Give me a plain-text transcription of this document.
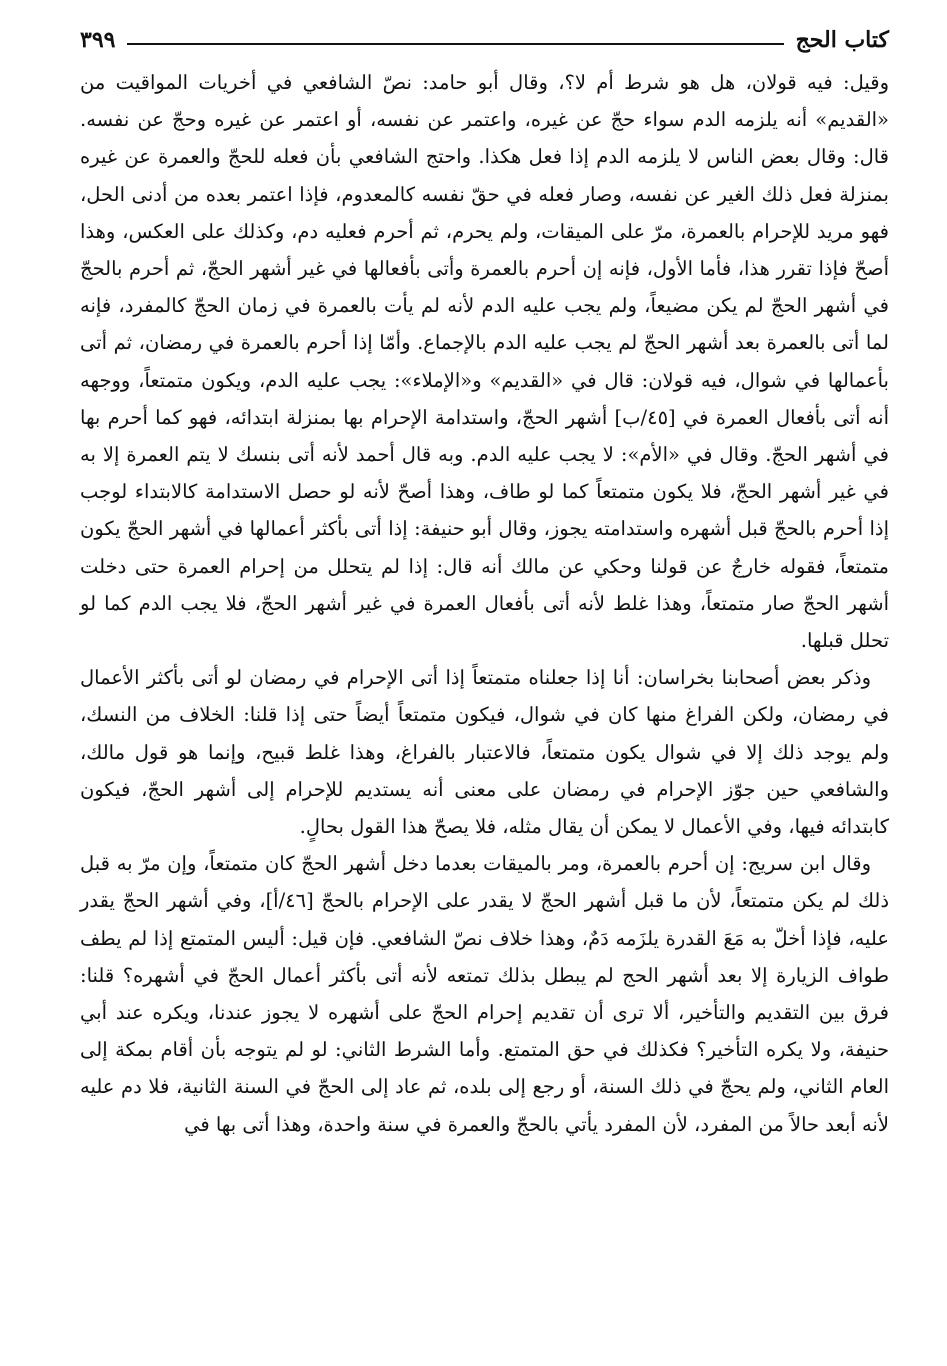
كتاب الحج
٣٩٩

وقيل: فيه قولان، هل هو شرط أم لا؟، وقال أبو حامد: نصّ الشافعي في أخريات المواقيت من «القديم» أنه يلزمه الدم سواء حجّ عن غيره، واعتمر عن نفسه، أو اعتمر عن غيره وحجّ عن نفسه. قال: وقال بعض الناس لا يلزمه الدم إذا فعل هكذا. واحتج الشافعي بأن فعله للحجّ والعمرة عن غيره بمنزلة فعل ذلك الغير عن نفسه، وصار فعله في حقّ نفسه كالمعدوم، فإذا اعتمر بعده من أدنى الحل، فهو مريد للإحرام بالعمرة، مرّ على الميقات، ولم يحرم، ثم أحرم فعليه دم، وكذلك على العكس، وهذا أصحّ فإذا تقرر هذا، فأما الأول، فإنه إن أحرم بالعمرة وأتى بأفعالها في غير أشهر الحجّ، ثم أحرم بالحجّ في أشهر الحجّ لم يكن مضيعاً، ولم يجب عليه الدم لأنه لم يأت بالعمرة في زمان الحجّ كالمفرد، فإنه لما أتى بالعمرة بعد أشهر الحجّ لم يجب عليه الدم بالإجماع. وأمّا إذا أحرم بالعمرة في رمضان، ثم أتى بأعمالها في شوال، فيه قولان: قال في «القديم» و«الإملاء»: يجب عليه الدم، ويكون متمتعاً، ووجهه أنه أتى بأفعال العمرة في [٤٥/ب] أشهر الحجّ، واستدامة الإحرام بها بمنزلة ابتدائه، فهو كما أحرم بها في أشهر الحجّ. وقال في «الأم»: لا يجب عليه الدم. وبه قال أحمد لأنه أتى بنسك لا يتم العمرة إلا به في غير أشهر الحجّ، فلا يكون متمتعاً كما لو طاف، وهذا أصحّ لأنه لو حصل الاستدامة كالابتداء لوجب إذا أحرم بالحجّ قبل أشهره واستدامته يجوز، وقال أبو حنيفة: إذا أتى بأكثر أعمالها في أشهر الحجّ يكون متمتعاً، فقوله خارجٌ عن قولنا وحكي عن مالك أنه قال: إذا لم يتحلل من إحرام العمرة حتى دخلت أشهر الحجّ صار متمتعاً، وهذا غلط لأنه أتى بأفعال العمرة في غير أشهر الحجّ، فلا يجب الدم كما لو تحلل قبلها.

وذكر بعض أصحابنا بخراسان: أنا إذا جعلناه متمتعاً إذا أتى الإحرام في رمضان لو أتى بأكثر الأعمال في رمضان، ولكن الفراغ منها كان في شوال، فيكون متمتعاً أيضاً حتى إذا قلنا: الخلاف من النسك، ولم يوجد ذلك إلا في شوال يكون متمتعاً، فالاعتبار بالفراغ، وهذا غلط قبيح، وإنما هو قول مالك، والشافعي حين جوّز الإحرام في رمضان على معنى أنه يستديم للإحرام إلى أشهر الحجّ، فيكون كابتدائه فيها، وفي الأعمال لا يمكن أن يقال مثله، فلا يصحّ هذا القول بحالٍ.

وقال ابن سريج: إن أحرم بالعمرة، ومر بالميقات بعدما دخل أشهر الحجّ كان متمتعاً، وإن مرّ به قبل ذلك لم يكن متمتعاً، لأن ما قبل أشهر الحجّ لا يقدر على الإحرام بالحجّ [٤٦/أ]، وفي أشهر الحجّ يقدر عليه، فإذا أخلّ به مَعَ القدرة يلزَمه دَمٌ، وهذا خلاف نصّ الشافعي. فإن قيل: أليس المتمتع إذا لم يطف طواف الزيارة إلا بعد أشهر الحج لم يبطل بذلك تمتعه لأنه أتى بأكثر أعمال الحجّ في أشهره؟ قلنا: فرق بين التقديم والتأخير، ألا ترى أن تقديم إحرام الحجّ على أشهره لا يجوز عندنا، ويكره عند أبي حنيفة، ولا يكره التأخير؟ فكذلك في حق المتمتع. وأما الشرط الثاني: لو لم يتوجه بأن أقام بمكة إلى العام الثاني، ولم يحجّ في ذلك السنة، أو رجع إلى بلده، ثم عاد إلى الحجّ في السنة الثانية، فلا دم عليه لأنه أبعد حالاً من المفرد، لأن المفرد يأتي بالحجّ والعمرة في سنة واحدة، وهذا أتى بها في
